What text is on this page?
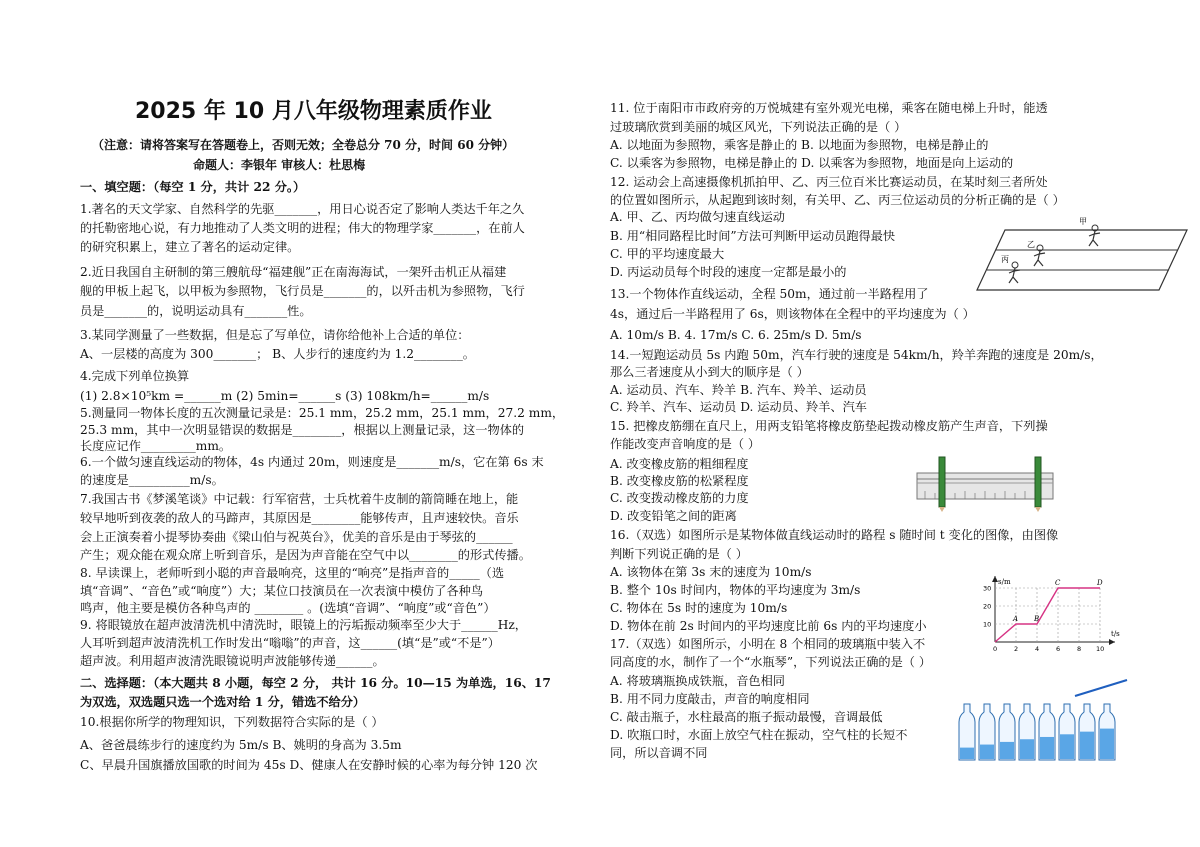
2025 年 10 月八年级物理素质作业
（注意：请将答案写在答题卷上，否则无效；全卷总分 70 分，时间 60 分钟）
命题人：李银年 审核人：杜思梅
一、填空题：（每空 1 分，共计 22 分。）
1.著名的天文学家、自然科学的先驱_______，用日心说否定了影响人类达千年之久
的托勒密地心说，有力地推动了人类文明的进程；伟大的物理学家_______，在前人
的研究积累上，建立了著名的运动定律。
2.近日我国自主研制的第三艘航母“福建舰”正在南海海试，一架歼击机正从福建
舰的甲板上起飞，以甲板为参照物，飞行员是_______的，以歼击机为参照物，飞行
员是_______的，说明运动具有_______性。
3.某同学测量了一些数据，但是忘了写单位，请你给他补上合适的单位：
A、一层楼的高度为 300_______； B、人步行的速度约为 1.2________。
4.完成下列单位换算
(1) 2.8×10⁵km =______m (2) 5min=______s (3) 108km/h=______m/s
5.测量同一物体长度的五次测量记录是：25.1 mm，25.2 mm，25.1 mm，27.2 mm，
25.3 mm，其中一次明显错误的数据是________，根据以上测量记录，这一物体的
长度应记作_________mm。
6.一个做匀速直线运动的物体，4s 内通过 20m，则速度是_______m/s，它在第 6s 末
的速度是__________m/s。
7.我国古书《梦溪笔谈》中记载：行军宿营，士兵枕着牛皮制的箭筒睡在地上，能
较早地听到夜袭的敌人的马蹄声，其原因是________能够传声，且声速较快。音乐
会上正演奏着小提琴协奏曲《梁山伯与祝英台》，优美的音乐是由于琴弦的______
产生；观众能在观众席上听到音乐，是因为声音能在空气中以________的形式传播。
8. 早读课上，老师听到小聪的声音最响亮，这里的“响亮”是指声音的_____（选
填“音调”、“音色”或“响度”）大；某位口技演员在一次表演中模仿了各种鸟
鸣声，他主要是模仿各种鸟声的 ________ 。(选填“音调”、“响度”或“音色”）
9. 将眼镜放在超声波清洗机中清洗时，眼镜上的污垢振动频率至少大于______Hz，
人耳听到超声波清洗机工作时发出“嗡嗡”的声音，这______(填“是”或“不是”）
超声波。利用超声波清洗眼镜说明声波能够传递______。
二、选择题：（本大题共 8 小题，每空 2 分， 共计 16 分。10—15 为单选，16、17
为双选，双选题只选一个选对给 1 分，错选不给分）
10.根据你所学的物理知识，下列数据符合实际的是（ ）
A、爸爸晨练步行的速度约为 5m/s B、姚明的身高为 3.5m
C、早晨升国旗播放国歌的时间为 45s D、健康人在安静时候的心率为每分钟 120 次
11. 位于南阳市市政府旁的万悦城建有室外观光电梯，乘客在随电梯上升时，能透
过玻璃欣赏到美丽的城区风光，下列说法正确的是（ ）
A. 以地面为参照物，乘客是静止的 B. 以地面为参照物，电梯是静止的
C. 以乘客为参照物，电梯是静止的 D. 以乘客为参照物，地面是向上运动的
12. 运动会上高速摄像机抓拍甲、乙、丙三位百米比赛运动员，在某时刻三者所处
的位置如图所示，从起跑到该时刻，有关甲、乙、丙三位运动员的分析正确的是（ ）
A. 甲、乙、丙均做匀速直线运动
B. 用“相同路程比时间”方法可判断甲运动员跑得最快
C. 甲的平均速度最大
D. 丙运动员每个时段的速度一定都是最小的
13.一个物体作直线运动，全程 50m，通过前一半路程用了
4s，通过后一半路程用了 6s，则该物体在全程中的平均速度为（ ）
A. 10m/s B. 4. 17m/s C. 6. 25m/s D. 5m/s
14.一短跑运动员 5s 内跑 50m，汽车行驶的速度是 54km/h，羚羊奔跑的速度是 20m/s，
那么三者速度从小到大的顺序是（ ）
A. 运动员、汽车、羚羊 B. 汽车、羚羊、运动员
C. 羚羊、汽车、运动员 D. 运动员、羚羊、汽车
15. 把橡皮筋绷在直尺上，用两支铅笔将橡皮筋垫起拨动橡皮筋产生声音，下列操
作能改变声音响度的是（ ）
A. 改变橡皮筋的粗细程度
B. 改变橡皮筋的松紧程度
C. 改变拨动橡皮筋的力度
D. 改变铅笔之间的距离
16.（双选）如图所示是某物体做直线运动时的路程 s 随时间 t 变化的图像，由图像
判断下列说正确的是（ ）
A. 该物体在第 3s 末的速度为 10m/s
B. 整个 10s 时间内，物体的平均速度为 3m/s
C. 物体在 5s 时的速度为 10m/s
D. 物体在前 2s 时间内的平均速度比前 6s 内的平均速度小
17.（双选）如图所示，小明在 8 个相同的玻璃瓶中装入不
同高度的水，制作了一个“水瓶琴”，下列说法正确的是（ ）
A. 将玻璃瓶换成铁瓶，音色相同
B. 用不同力度敲击，声音的响度相同
C. 敲击瓶子，水柱最高的瓶子振动最慢，音调最低
D. 吹瓶口时，水面上放空气柱在振动，空气柱的长短不
同，所以音调不同
甲
乙
丙
s/m
t/s
30
20
10
0	2	4	6	8 10
A B
C	D
